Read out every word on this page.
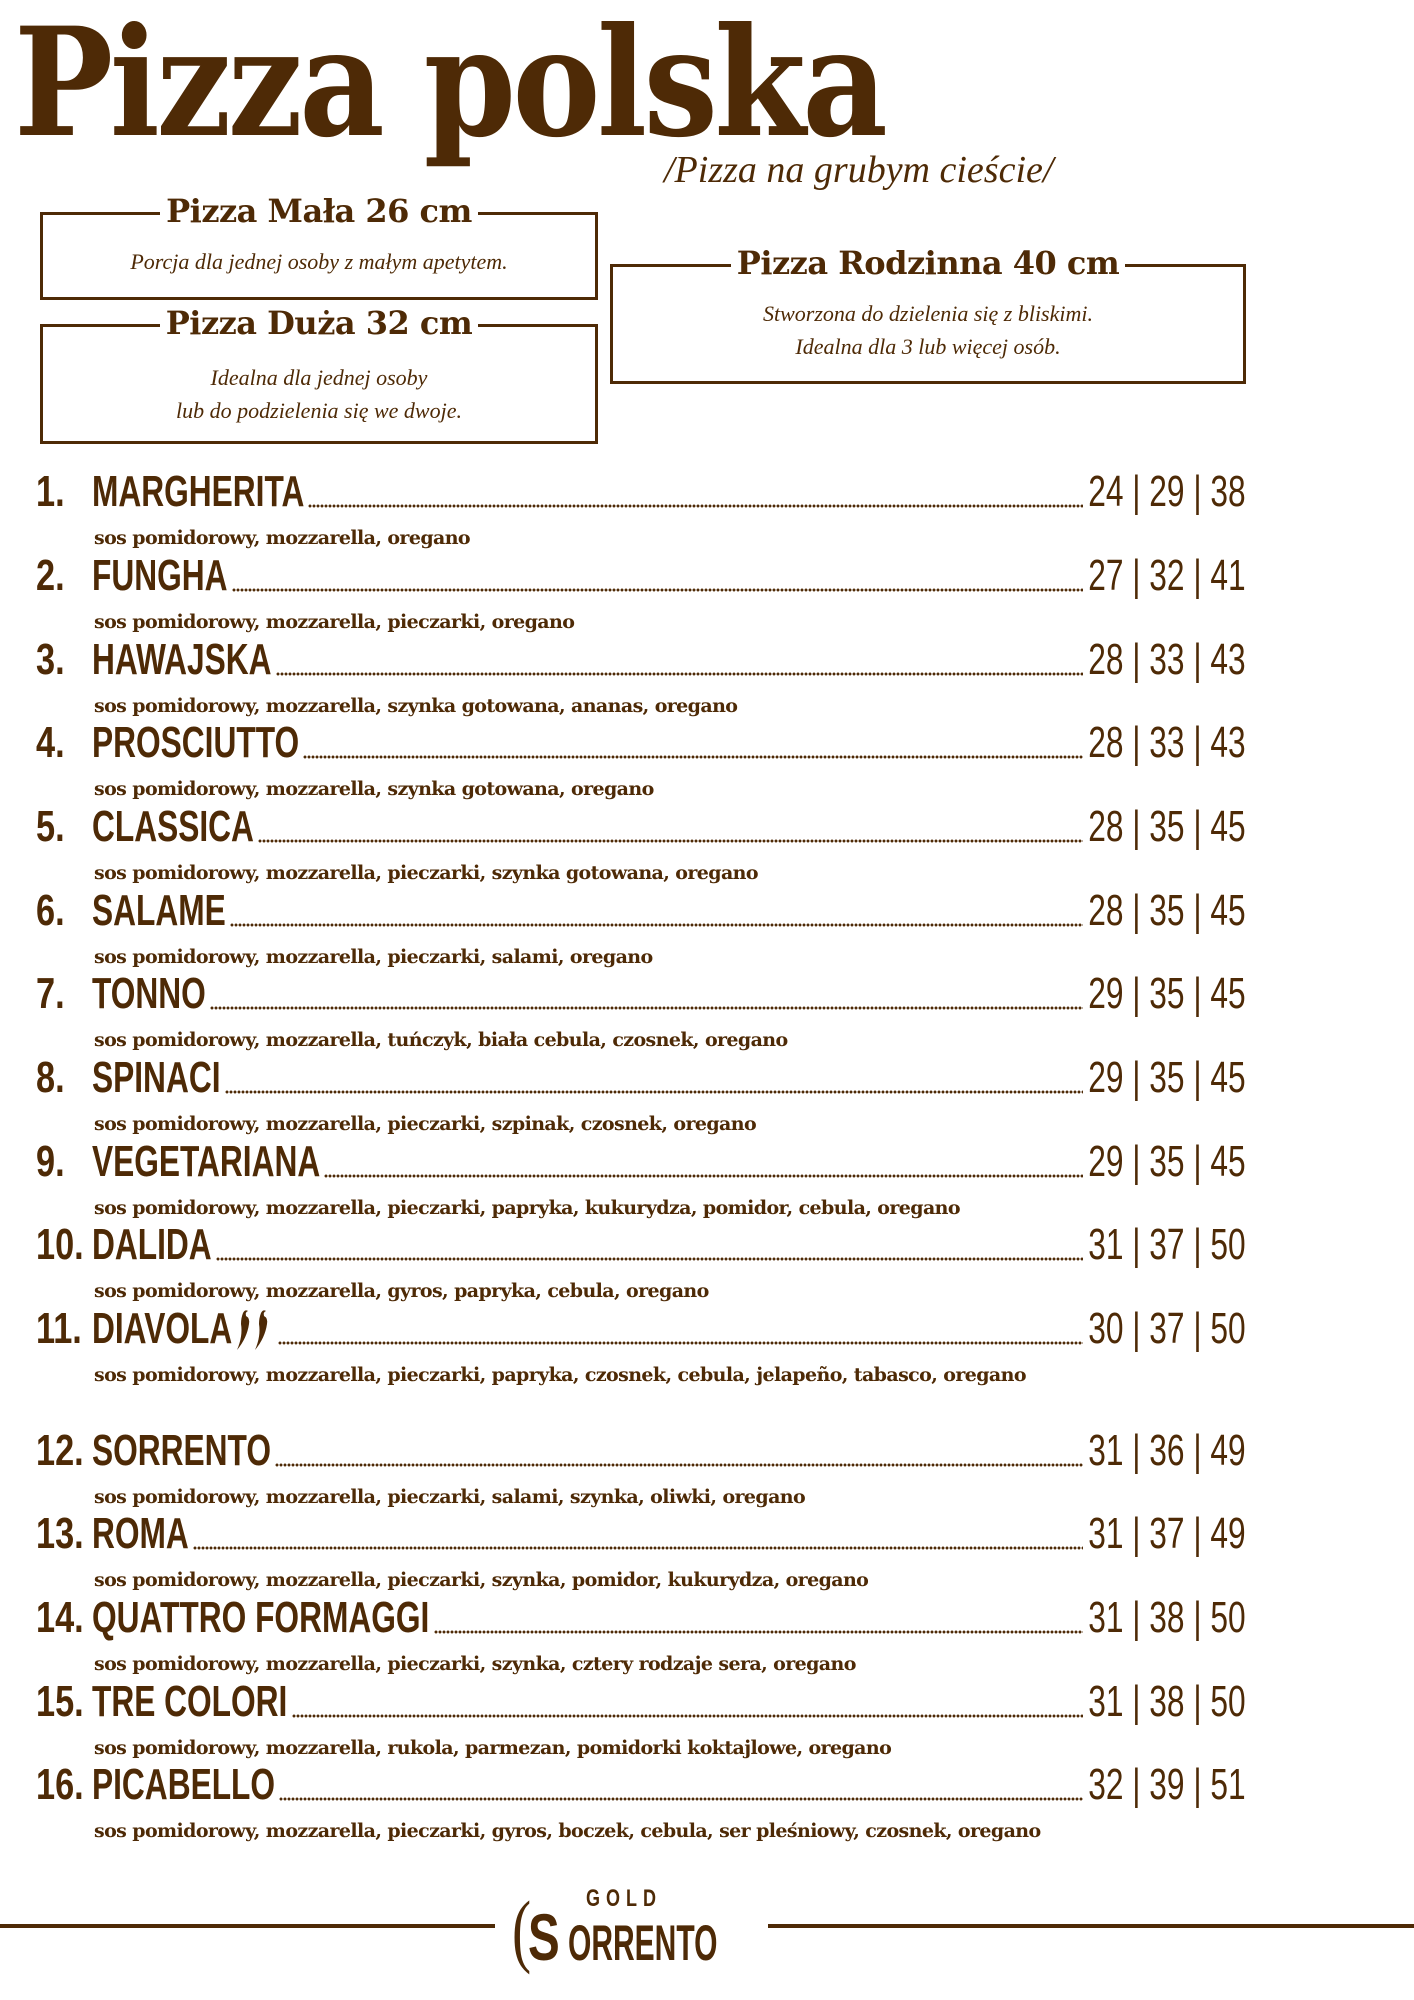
Pizza polska
/Pizza na grubym cieście/
Pizza Mała 26 cm
Porcja dla jednej osoby z małym apetytem.
Pizza Duża 32 cm
Idealna dla jednej osoby
lub do podzielenia się we dwoje.
Pizza Rodzinna 40 cm
Stworzona do dzielenia się z bliskimi.
Idealna dla 3 lub więcej osób.
1. MARGHERITA	24 | 29 | 38
sos pomidorowy, mozzarella, oregano
2. FUNGHA	27 | 32 | 41
sos pomidorowy, mozzarella, pieczarki, oregano
3. HAWAJSKA	28 | 33 | 43
sos pomidorowy, mozzarella, szynka gotowana, ananas, oregano
4. PROSCIUTTO	28 | 33 | 43
sos pomidorowy, mozzarella, szynka gotowana, oregano
5. CLASSICA	28 | 35 | 45
sos pomidorowy, mozzarella, pieczarki, szynka gotowana, oregano
6. SALAME	28 | 35 | 45
sos pomidorowy, mozzarella, pieczarki, salami, oregano
7. TONNO	29 | 35 | 45
sos pomidorowy, mozzarella, tuńczyk, biała cebula, czosnek, oregano
8. SPINACI	29 | 35 | 45
sos pomidorowy, mozzarella, pieczarki, szpinak, czosnek, oregano
9. VEGETARIANA	29 | 35 | 45
sos pomidorowy, mozzarella, pieczarki, papryka, kukurydza, pomidor, cebula, oregano
10. DALIDA	31 | 37 | 50
sos pomidorowy, mozzarella, gyros, papryka, cebula, oregano
11. DIAVOLA	30 | 37 | 50
sos pomidorowy, mozzarella, pieczarki, papryka, czosnek, cebula, jelapeño, tabasco, oregano
12. SORRENTO	31 | 36 | 49
sos pomidorowy, mozzarella, pieczarki, salami, szynka, oliwki, oregano
13. ROMA	31 | 37 | 49
sos pomidorowy, mozzarella, pieczarki, szynka, pomidor, kukurydza, oregano
14. QUATTRO FORMAGGI	31 | 38 | 50
sos pomidorowy, mozzarella, pieczarki, szynka, cztery rodzaje sera, oregano
15. TRE COLORI	31 | 38 | 50
sos pomidorowy, mozzarella, rukola, parmezan, pomidorki koktajlowe, oregano
16. PICABELLO	32 | 39 | 51
sos pomidorowy, mozzarella, pieczarki, gyros, boczek, cebula, ser pleśniowy, czosnek, oregano
(
S
GOLD
ORRENTO
